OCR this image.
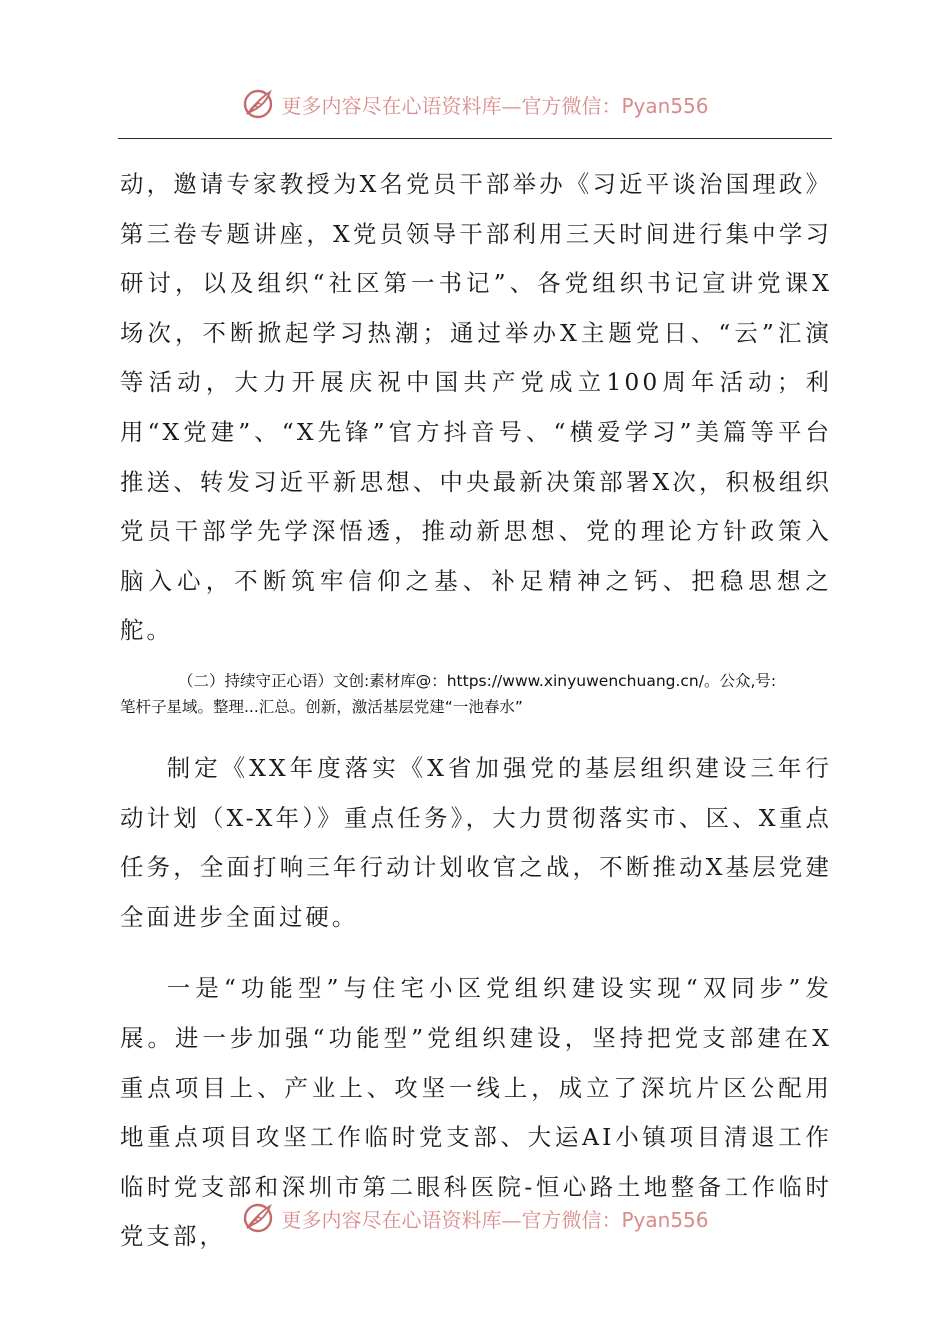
更多内容尽在心语资料库—官方微信：Pyan556

动，邀请专家教授为X名党员干部举办《习近平谈治国理政》第三卷专题讲座，X党员领导干部利用三天时间进行集中学习研讨，以及组织“社区第一书记”、各党组织书记宣讲党课X场次，不断掀起学习热潮；通过举办X主题党日、“云”汇演等活动，大力开展庆祝中国共产党成立100周年活动；利用“X党建”、“X先锋”官方抖音号、“横爱学习”美篇等平台推送、转发习近平新思想、中央最新决策部署X次，积极组织党员干部学先学深悟透，推动新思想、党的理论方针政策入脑入心，不断筑牢信仰之基、补足精神之钙、把稳思想之舵。

（二）持续守正心语）文创:素材库@：https://www.xinyuwenchuang.cn/。公众,号:
笔杆子星域。整理...汇总。创新，激活基层党建“一池春水”

制定《XX年度落实《X省加强党的基层组织建设三年行动计划（X-X年）》重点任务》，大力贯彻落实市、区、X重点任务，全面打响三年行动计划收官之战，不断推动X基层党建全面进步全面过硬。

一是“功能型”与住宅小区党组织建设实现“双同步”发展。进一步加强“功能型”党组织建设，坚持把党支部建在X重点项目上、产业上、攻坚一线上，成立了深坑片区公配用地重点项目攻坚工作临时党支部、大运AI小镇项目清退工作临时党支部和深圳市第二眼科医院-恒心路土地整备工作临时党支部，

更多内容尽在心语资料库—官方微信：Pyan556
